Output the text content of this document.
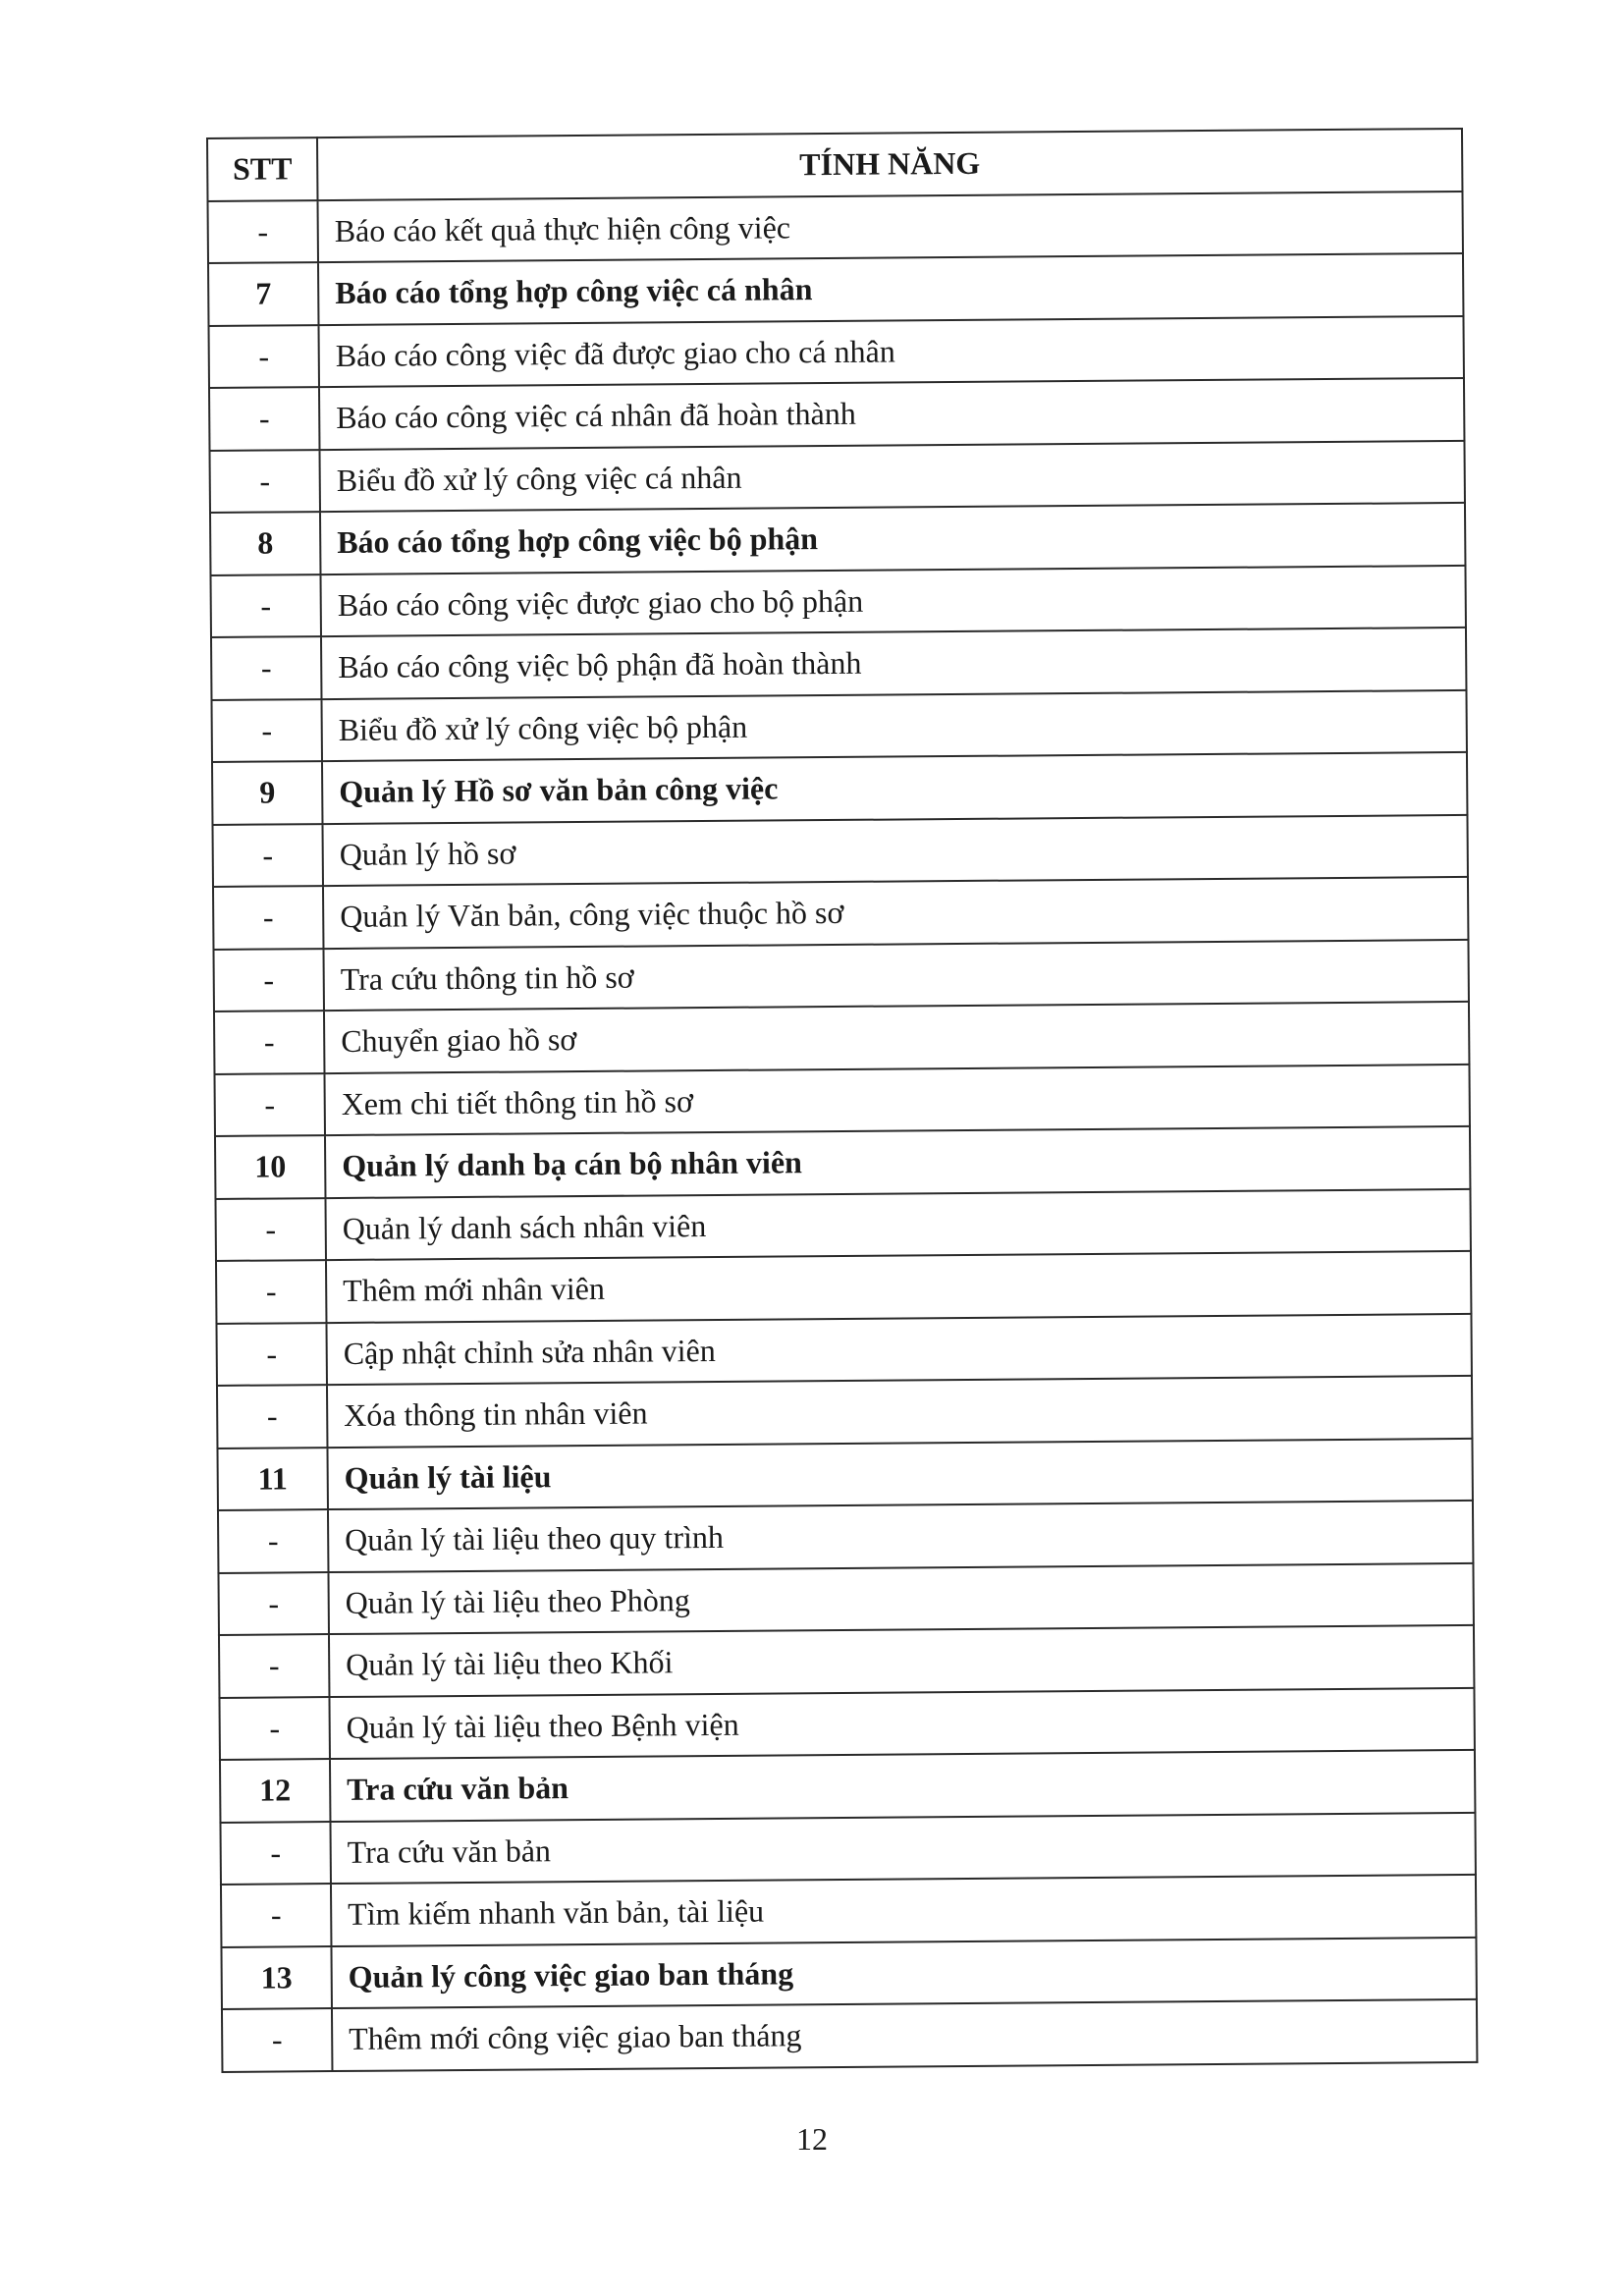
STT	TÍNH NĂNG
-	Báo cáo kết quả thực hiện công việc
7	Báo cáo tổng hợp công việc cá nhân
-	Báo cáo công việc đã được giao cho cá nhân
-	Báo cáo công việc cá nhân đã hoàn thành
-	Biểu đồ xử lý công việc cá nhân
8	Báo cáo tổng hợp công việc bộ phận
-	Báo cáo công việc được giao cho bộ phận
-	Báo cáo công việc bộ phận đã hoàn thành
-	Biểu đồ xử lý công việc bộ phận
9	Quản lý Hồ sơ văn bản công việc
-	Quản lý hồ sơ
-	Quản lý Văn bản, công việc thuộc hồ sơ
-	Tra cứu thông tin hồ sơ
-	Chuyển giao hồ sơ
-	Xem chi tiết thông tin hồ sơ
10	Quản lý danh bạ cán bộ nhân viên
-	Quản lý danh sách nhân viên
-	Thêm mới nhân viên
-	Cập nhật chỉnh sửa nhân viên
-	Xóa thông tin nhân viên
11	Quản lý tài liệu
-	Quản lý tài liệu theo quy trình
-	Quản lý tài liệu theo Phòng
-	Quản lý tài liệu theo Khối
-	Quản lý tài liệu theo Bệnh viện
12	Tra cứu văn bản
-	Tra cứu văn bản
-	Tìm kiếm nhanh văn bản, tài liệu
13	Quản lý công việc giao ban tháng
-	Thêm mới công việc giao ban tháng
12
